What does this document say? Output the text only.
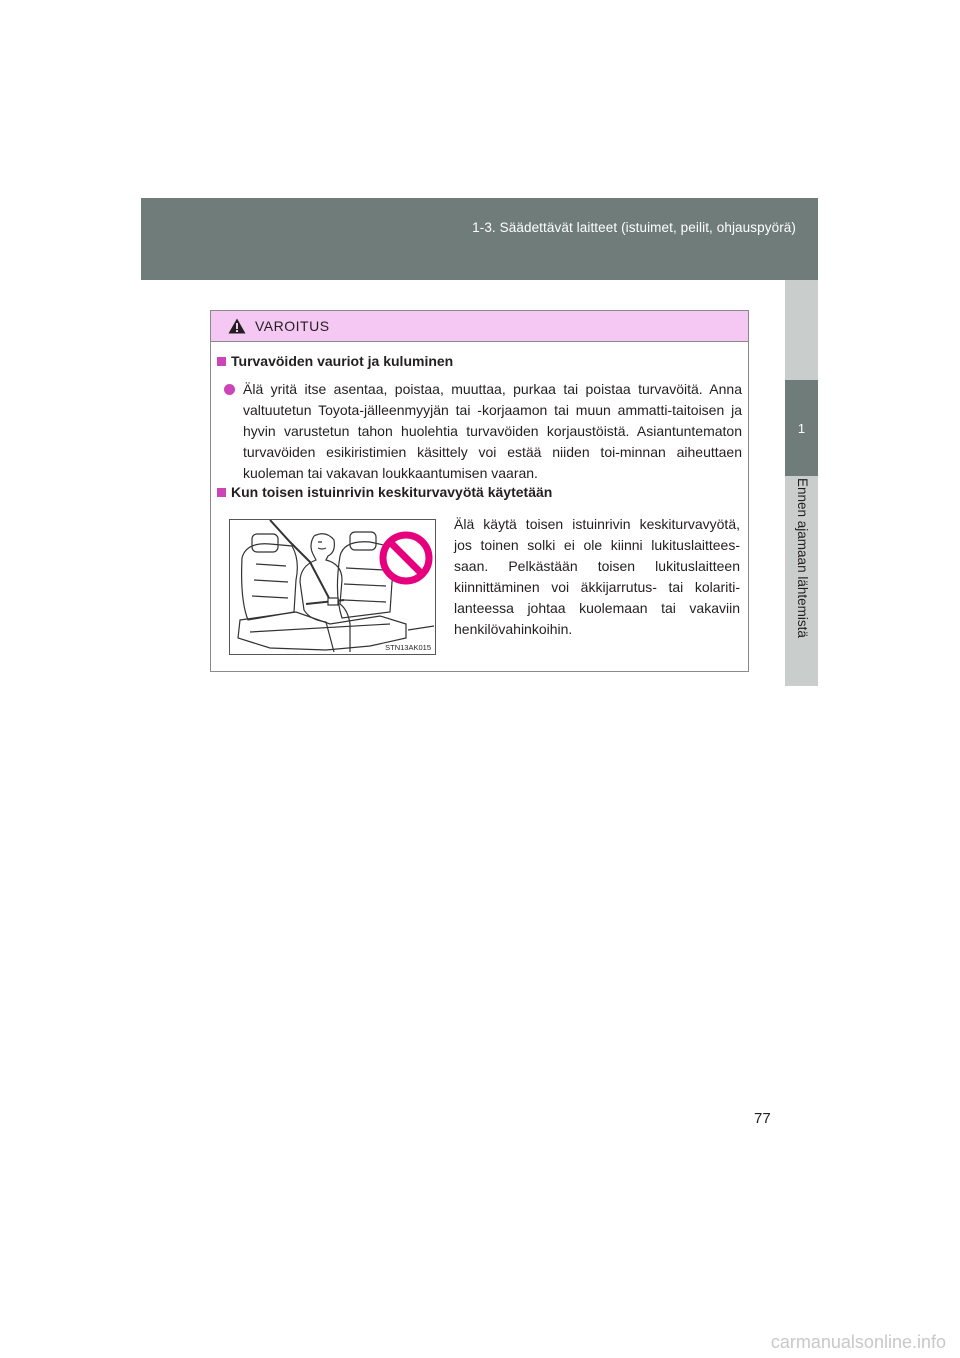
1-3. Säädettävät laitteet (istuimet, peilit, ohjauspyörä)
1
Ennen ajamaan lähtemistä
VAROITUS
Turvavöiden vauriot ja kuluminen
Älä yritä itse asentaa, poistaa, muuttaa, purkaa tai poistaa turvavöitä. Anna valtuutetun Toyota-jälleenmyyjän tai -korjaamon tai muun ammatti-taitoisen ja hyvin varustetun tahon huolehtia turvavöiden korjaustöistä. Asiantuntematon turvavöiden esikiristimien käsittely voi estää niiden toi-minnan aiheuttaen kuoleman tai vakavan loukkaantumisen vaaran.
Kun toisen istuinrivin keskiturvavyötä käytetään
STN13AK015
Älä käytä toisen istuinrivin keskiturvavyötä, jos toinen solki ei ole kiinni lukituslaittees-saan. Pelkästään toisen lukituslaitteen kiinnittäminen voi äkkijarrutus- tai kolariti-lanteessa johtaa kuolemaan tai vakaviin henkilövahinkoihin.
77
carmanualsonline.info
